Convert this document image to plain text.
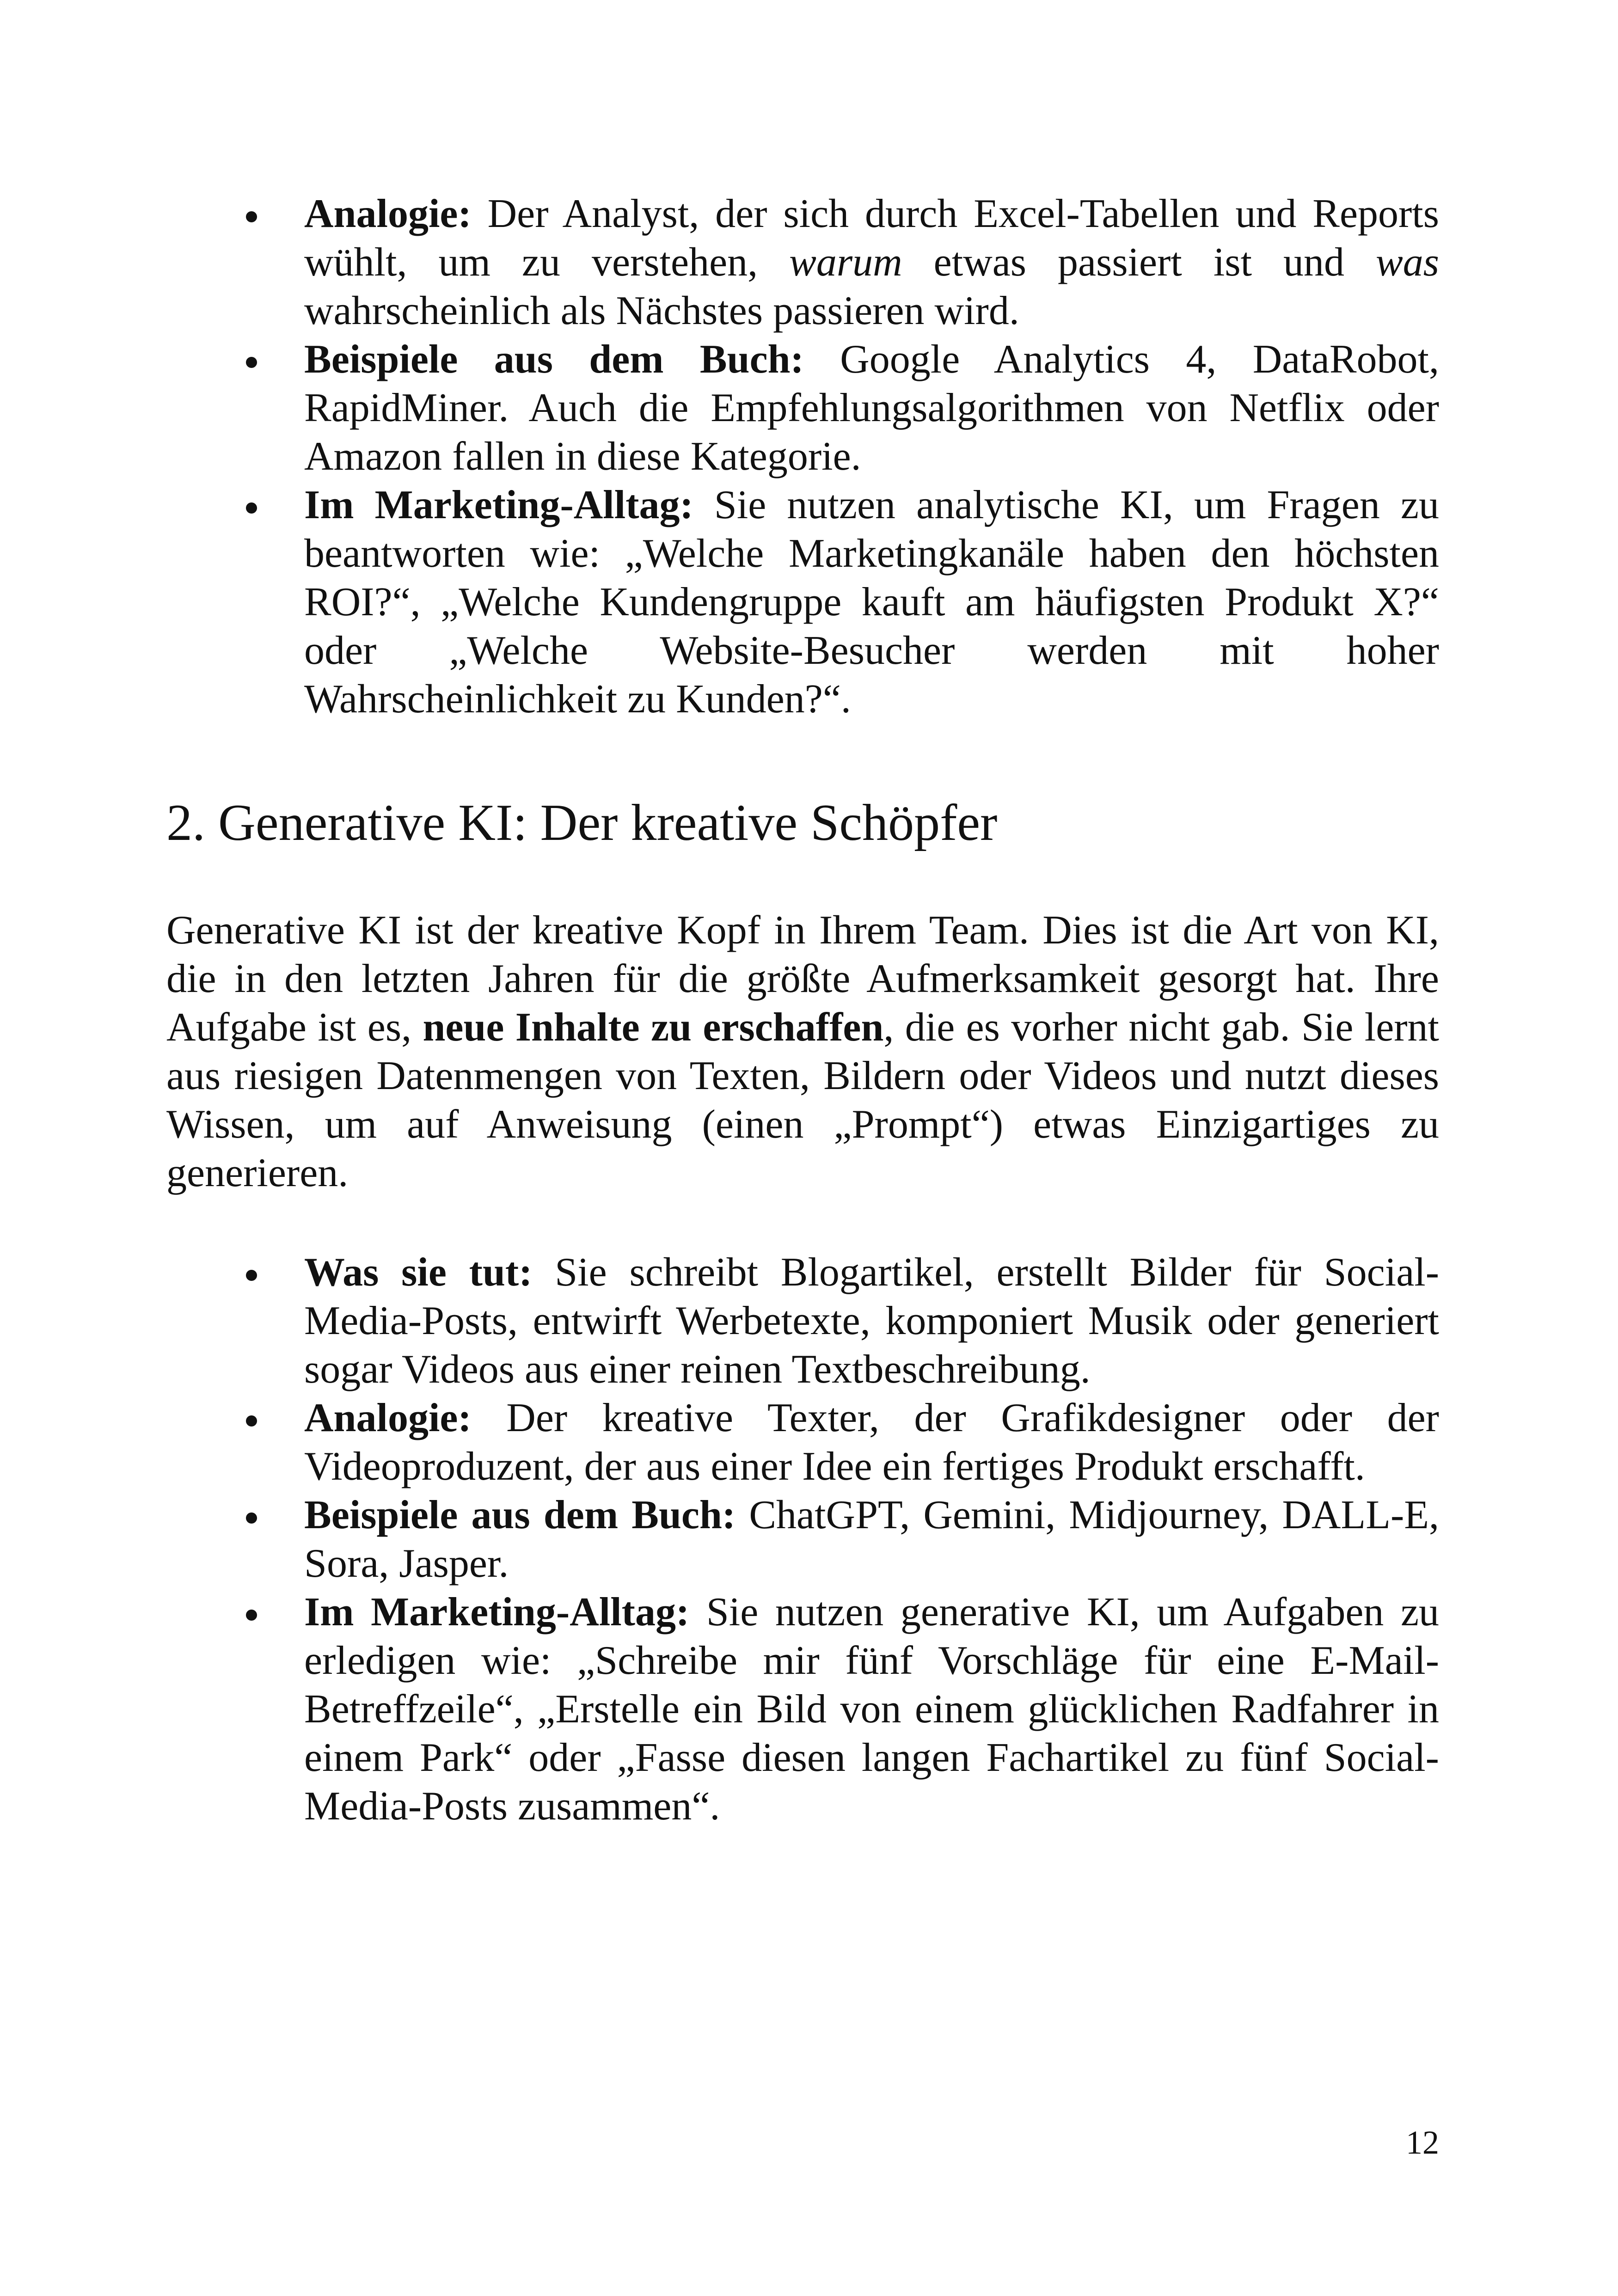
Analogie: Der Analyst, der sich durch Excel-Tabellen und Reports wühlt, um zu verstehen, warum etwas passiert ist und was wahrscheinlich als Nächstes passieren wird.
Beispiele aus dem Buch: Google Analytics 4, DataRobot, RapidMiner. Auch die Empfehlungsalgorithmen von Netflix oder Amazon fallen in diese Kategorie.
Im Marketing-Alltag: Sie nutzen analytische KI, um Fragen zu beantworten wie: „Welche Marketingkanäle haben den höchsten ROI?“, „Welche Kundengruppe kauft am häufigsten Produkt X?“ oder „Welche Website-Besucher werden mit hoher Wahrscheinlichkeit zu Kunden?“.
2. Generative KI: Der kreative Schöpfer

Generative KI ist der kreative Kopf in Ihrem Team. Dies ist die Art von KI, die in den letzten Jahren für die größte Aufmerksamkeit gesorgt hat. Ihre Aufgabe ist es, neue Inhalte zu erschaffen, die es vorher nicht gab. Sie lernt aus riesigen Datenmengen von Texten, Bildern oder Videos und nutzt dieses Wissen, um auf Anweisung (einen „Prompt“) etwas Einzigartiges zu generieren.

Was sie tut: Sie schreibt Blogartikel, erstellt Bilder für Social-Media-Posts, entwirft Werbetexte, komponiert Musik oder generiert sogar Videos aus einer reinen Textbeschreibung.
Analogie: Der kreative Texter, der Grafikdesigner oder der Videoproduzent, der aus einer Idee ein fertiges Produkt erschafft.
Beispiele aus dem Buch: ChatGPT, Gemini, Midjourney, DALL-E, Sora, Jasper.
Im Marketing-Alltag: Sie nutzen generative KI, um Aufgaben zu erledigen wie: „Schreibe mir fünf Vorschläge für eine E-Mail-Betreffzeile“, „Erstelle ein Bild von einem glücklichen Radfahrer in einem Park“ oder „Fasse diesen langen Fachartikel zu fünf Social-Media-Posts zusammen“.
12
